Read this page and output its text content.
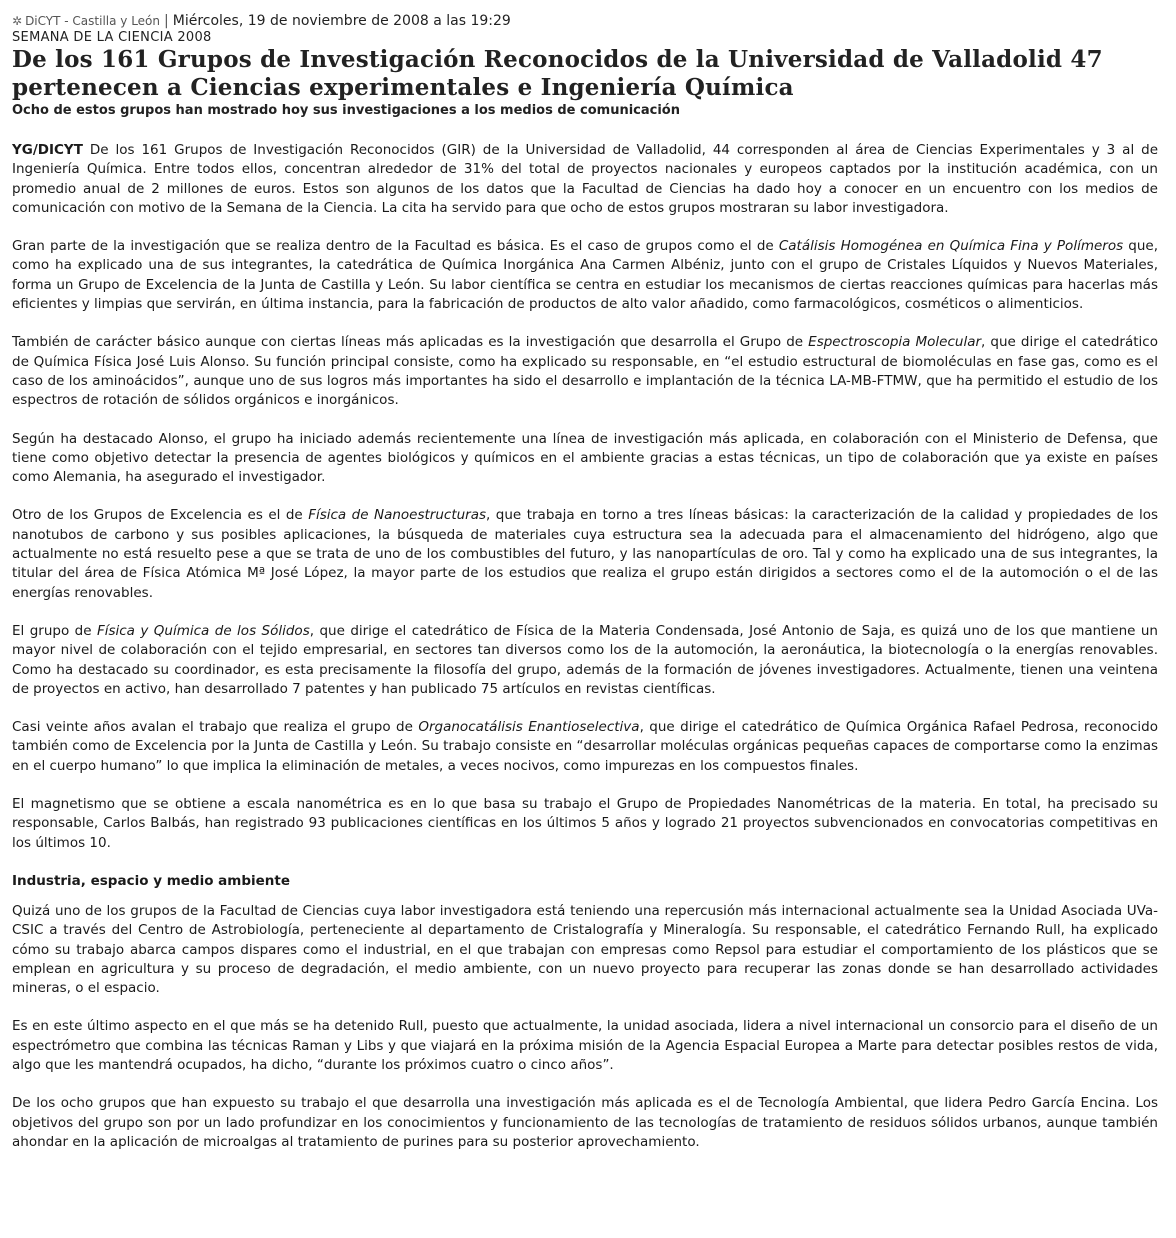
✲ DiCYT - Castilla y León | Miércoles, 19 de noviembre de 2008 a las 19:29
SEMANA DE LA CIENCIA 2008
De los 161 Grupos de Investigación Reconocidos de la Universidad de Valladolid 47 pertenecen a Ciencias experimentales e Ingeniería Química
Ocho de estos grupos han mostrado hoy sus investigaciones a los medios de comunicación

YG/DICYT De los 161 Grupos de Investigación Reconocidos (GIR) de la Universidad de Valladolid, 44 corresponden al área de Ciencias Experimentales y 3 al de Ingeniería Química. Entre todos ellos, concentran alrededor de 31% del total de proyectos nacionales y europeos captados por la institución académica, con un promedio anual de 2 millones de euros. Estos son algunos de los datos que la Facultad de Ciencias ha dado hoy a conocer en un encuentro con los medios de comunicación con motivo de la Semana de la Ciencia. La cita ha servido para que ocho de estos grupos mostraran su labor investigadora.

Gran parte de la investigación que se realiza dentro de la Facultad es básica. Es el caso de grupos como el de Catálisis Homogénea en Química Fina y Polímeros que, como ha explicado una de sus integrantes, la catedrática de Química Inorgánica Ana Carmen Albéniz, junto con el grupo de Cristales Líquidos y Nuevos Materiales, forma un Grupo de Excelencia de la Junta de Castilla y León. Su labor científica se centra en estudiar los mecanismos de ciertas reacciones químicas para hacerlas más eficientes y limpias que servirán, en última instancia, para la fabricación de productos de alto valor añadido, como farmacológicos, cosméticos o alimenticios.

También de carácter básico aunque con ciertas líneas más aplicadas es la investigación que desarrolla el Grupo de Espectroscopia Molecular, que dirige el catedrático de Química Física José Luis Alonso. Su función principal consiste, como ha explicado su responsable, en “el estudio estructural de biomoléculas en fase gas, como es el caso de los aminoácidos”, aunque uno de sus logros más importantes ha sido el desarrollo e implantación de la técnica LA-MB-FTMW, que ha permitido el estudio de los espectros de rotación de sólidos orgánicos e inorgánicos.

Según ha destacado Alonso, el grupo ha iniciado además recientemente una línea de investigación más aplicada, en colaboración con el Ministerio de Defensa, que tiene como objetivo detectar la presencia de agentes biológicos y químicos en el ambiente gracias a estas técnicas, un tipo de colaboración que ya existe en países como Alemania, ha asegurado el investigador.

Otro de los Grupos de Excelencia es el de Física de Nanoestructuras, que trabaja en torno a tres líneas básicas: la caracterización de la calidad y propiedades de los nanotubos de carbono y sus posibles aplicaciones, la búsqueda de materiales cuya estructura sea la adecuada para el almacenamiento del hidrógeno, algo que actualmente no está resuelto pese a que se trata de uno de los combustibles del futuro, y las nanopartículas de oro. Tal y como ha explicado una de sus integrantes, la titular del área de Física Atómica Mª José López, la mayor parte de los estudios que realiza el grupo están dirigidos a sectores como el de la automoción o el de las energías renovables.

El grupo de Física y Química de los Sólidos, que dirige el catedrático de Física de la Materia Condensada, José Antonio de Saja, es quizá uno de los que mantiene un mayor nivel de colaboración con el tejido empresarial, en sectores tan diversos como los de la automoción, la aeronáutica, la biotecnología o la energías renovables. Como ha destacado su coordinador, es esta precisamente la filosofía del grupo, además de la formación de jóvenes investigadores. Actualmente, tienen una veintena de proyectos en activo, han desarrollado 7 patentes y han publicado 75 artículos en revistas científicas.

Casi veinte años avalan el trabajo que realiza el grupo de Organocatálisis Enantioselectiva, que dirige el catedrático de Química Orgánica Rafael Pedrosa, reconocido también como de Excelencia por la Junta de Castilla y León. Su trabajo consiste en “desarrollar moléculas orgánicas pequeñas capaces de comportarse como la enzimas en el cuerpo humano” lo que implica la eliminación de metales, a veces nocivos, como impurezas en los compuestos finales.

El magnetismo que se obtiene a escala nanométrica es en lo que basa su trabajo el Grupo de Propiedades Nanométricas de la materia. En total, ha precisado su responsable, Carlos Balbás, han registrado 93 publicaciones científicas en los últimos 5 años y logrado 21 proyectos subvencionados en convocatorias competitivas en los últimos 10.

Industria, espacio y medio ambiente

Quizá uno de los grupos de la Facultad de Ciencias cuya labor investigadora está teniendo una repercusión más internacional actualmente sea la Unidad Asociada UVa-CSIC a través del Centro de Astrobiología, perteneciente al departamento de Cristalografía y Mineralogía. Su responsable, el catedrático Fernando Rull, ha explicado cómo su trabajo abarca campos dispares como el industrial, en el que trabajan con empresas como Repsol para estudiar el comportamiento de los plásticos que se emplean en agricultura y su proceso de degradación, el medio ambiente, con un nuevo proyecto para recuperar las zonas donde se han desarrollado actividades mineras, o el espacio.

Es en este último aspecto en el que más se ha detenido Rull, puesto que actualmente, la unidad asociada, lidera a nivel internacional un consorcio para el diseño de un espectrómetro que combina las técnicas Raman y Libs y que viajará en la próxima misión de la Agencia Espacial Europea a Marte para detectar posibles restos de vida, algo que les mantendrá ocupados, ha dicho, “durante los próximos cuatro o cinco años”.

De los ocho grupos que han expuesto su trabajo el que desarrolla una investigación más aplicada es el de Tecnología Ambiental, que lidera Pedro García Encina. Los objetivos del grupo son por un lado profundizar en los conocimientos y funcionamiento de las tecnologías de tratamiento de residuos sólidos urbanos, aunque también ahondar en la aplicación de microalgas al tratamiento de purines para su posterior aprovechamiento.
